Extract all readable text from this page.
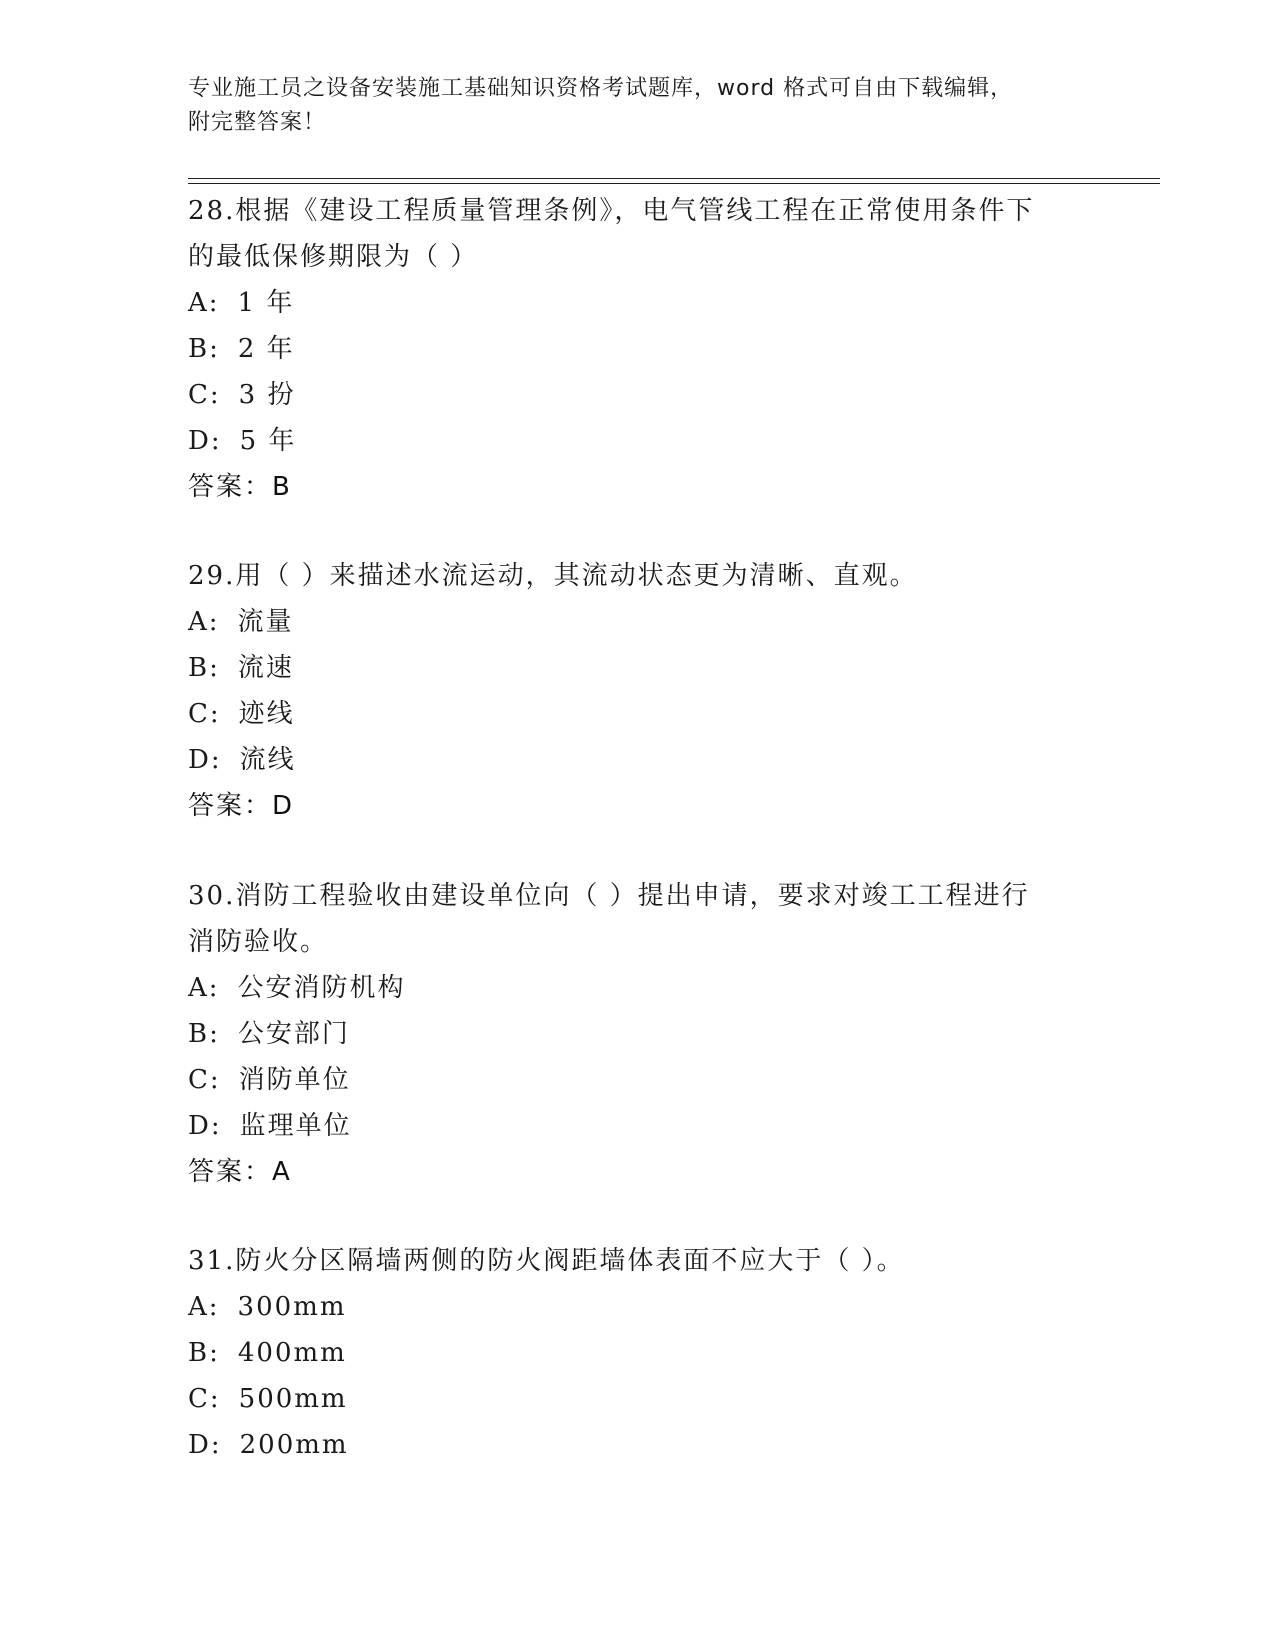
专业施工员之设备安装施工基础知识资格考试题库，word 格式可自由下载编辑，
附完整答案！
28.根据《建设工程质量管理条例》，电气管线工程在正常使用条件下
的最低保修期限为（ ）
A: 1 年
B: 2 年
C: 3 扮
D: 5 年
答案：B
29.用（ ）来描述水流运动，其流动状态更为清晰、直观。
A: 流量
B: 流速
C: 迹线
D: 流线
答案：D
30.消防工程验收由建设单位向（ ）提出申请，要求对竣工工程进行
消防验收。
A: 公安消防机构
B: 公安部门
C: 消防单位
D: 监理单位
答案：A
31.防火分区隔墙两侧的防火阀距墙体表面不应大于（ ）。
A: 300mm
B: 400mm
C: 500mm
D: 200mm
